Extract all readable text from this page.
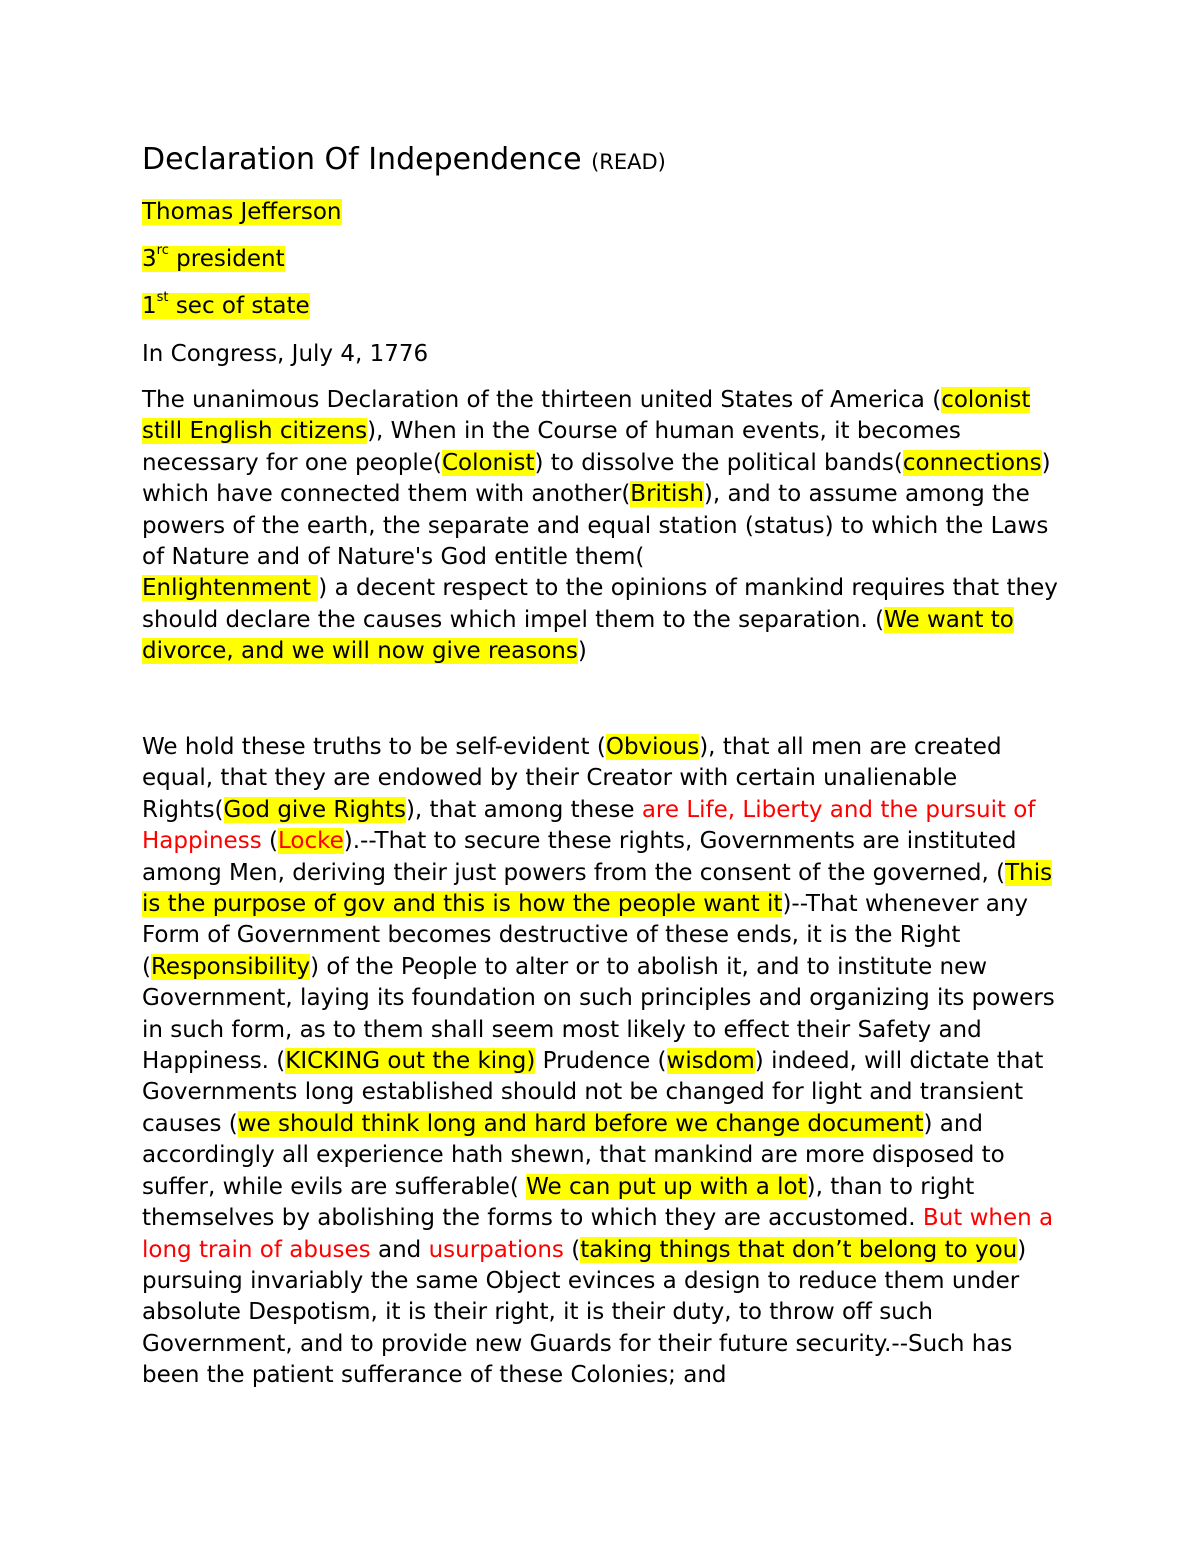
Declaration Of Independence (READ)

Thomas Jefferson

$3^{rc}$ president

1st sec of state

In Congress, July 4, 1776

The unanimous Declaration of the thirteen united States of America (colonist still English citizens), When in the Course of human events, it becomes necessary for one people(Colonist) to dissolve the political bands(connections) which have connected them with another(British), and to assume among the powers of the earth, the separate and equal station (status) to which the Laws of Nature and of Nature's God entitle them(
Enlightenment ) a decent respect to the opinions of mankind requires that they should declare the causes which impel them to the separation. (We want to divorce, and we will now give reasons)

We hold these truths to be self-evident (Obvious), that all men are created equal, that they are endowed by their Creator with certain unalienable Rights(God give Rights), that among these are Life, Liberty and the pursuit of Happiness (Locke).--That to secure these rights, Governments are instituted among Men, deriving their just powers from the consent of the governed, (This is the purpose of gov and this is how the people want it)--That whenever any Form of Government becomes destructive of these ends, it is the Right (Responsibility) of the People to alter or to abolish it, and to institute new Government, laying its foundation on such principles and organizing its powers in such form, as to them shall seem most likely to effect their Safety and Happiness. (KICKING out the king) Prudence (wisdom) indeed, will dictate that Governments long established should not be changed for light and transient causes (we should think long and hard before we change document) and accordingly all experience hath shewn, that mankind are more disposed to suffer, while evils are sufferable( We can put up with a lot), than to right themselves by abolishing the forms to which they are accustomed. But when a long train of abuses and usurpations (taking things that don’t belong to you) pursuing invariably the same Object evinces a design to reduce them under absolute Despotism, it is their right, it is their duty, to throw off such Government, and to provide new Guards for their future security.--Such has been the patient sufferance of these Colonies; and
